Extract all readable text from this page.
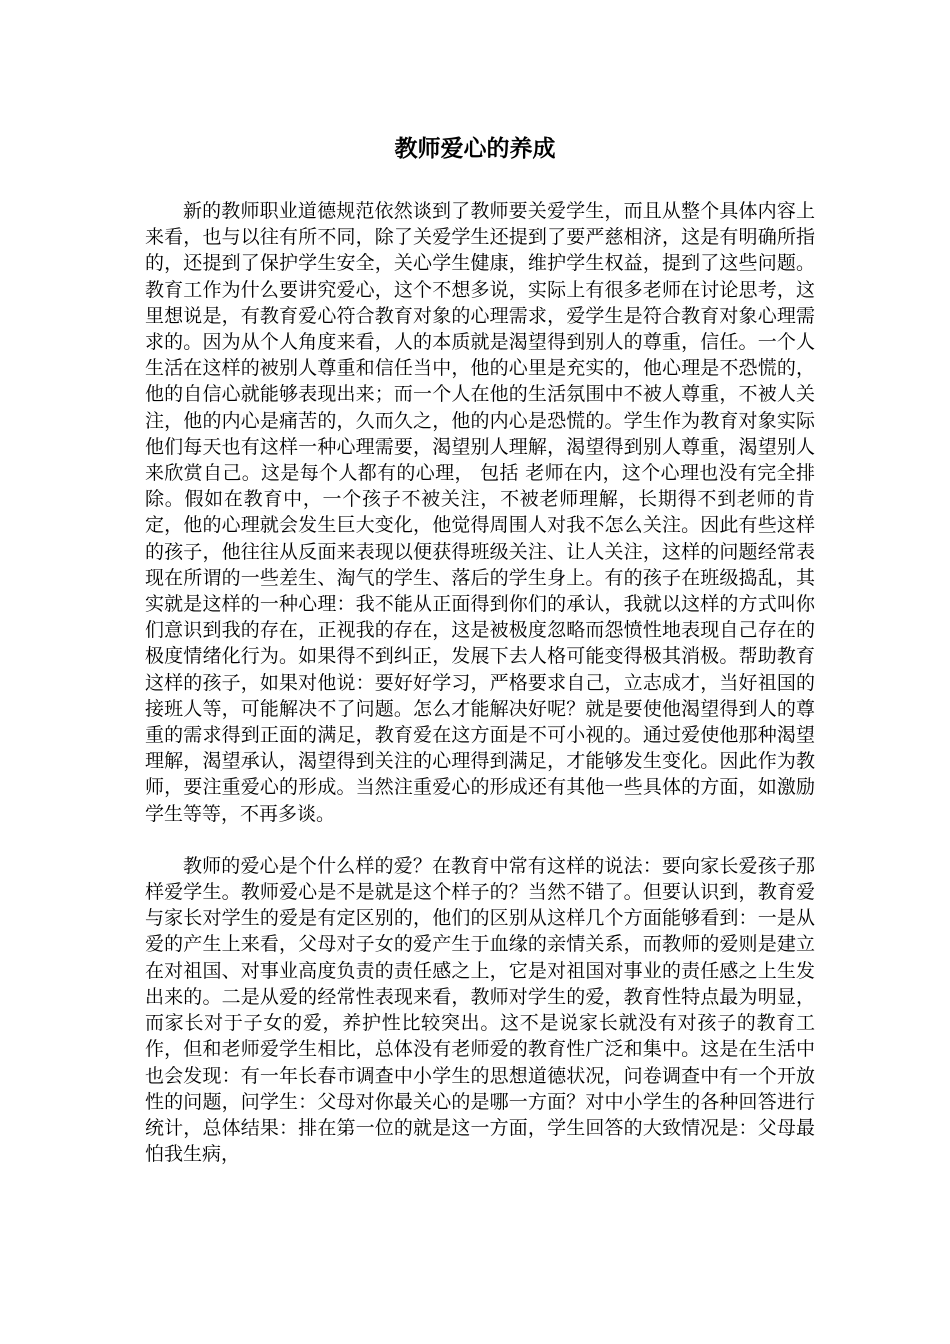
教师爱心的养成

新的教师职业道德规范依然谈到了教师要关爱学生，而且从整个具体内容上来看，也与以往有所不同，除了关爱学生还提到了要严慈相济，这是有明确所指的，还提到了保护学生安全，关心学生健康，维护学生权益，提到了这些问题。教育工作为什么要讲究爱心，这个不想多说，实际上有很多老师在讨论思考，这里想说是，有教育爱心符合教育对象的心理需求，爱学生是符合教育对象心理需求的。因为从个人角度来看，人的本质就是渴望得到别人的尊重，信任。一个人生活在这样的被别人尊重和信任当中，他的心里是充实的，他心理是不恐慌的，他的自信心就能够表现出来；而一个人在他的生活氛围中不被人尊重，不被人关注，他的内心是痛苦的，久而久之，他的内心是恐慌的。学生作为教育对象实际他们每天也有这样一种心理需要，渴望别人理解，渴望得到别人尊重，渴望别人来欣赏自己。这是每个人都有的心理， 包括 老师在内，这个心理也没有完全排除。假如在教育中，一个孩子不被关注，不被老师理解，长期得不到老师的肯定，他的心理就会发生巨大变化，他觉得周围人对我不怎么关注。因此有些这样的孩子，他往往从反面来表现以便获得班级关注、让人关注，这样的问题经常表现在所谓的一些差生、淘气的学生、落后的学生身上。有的孩子在班级捣乱，其实就是这样的一种心理：我不能从正面得到你们的承认，我就以这样的方式叫你们意识到我的存在，正视我的存在，这是被极度忽略而怨愤性地表现自己存在的极度情绪化行为。如果得不到纠正，发展下去人格可能变得极其消极。帮助教育这样的孩子，如果对他说：要好好学习，严格要求自己，立志成才，当好祖国的接班人等，可能解决不了问题。怎么才能解决好呢？就是要使他渴望得到人的尊重的需求得到正面的满足，教育爱在这方面是不可小视的。通过爱使他那种渴望理解，渴望承认，渴望得到关注的心理得到满足，才能够发生变化。因此作为教师，要注重爱心的形成。当然注重爱心的形成还有其他一些具体的方面，如激励学生等等，不再多谈。

教师的爱心是个什么样的爱？在教育中常有这样的说法：要向家长爱孩子那样爱学生。教师爱心是不是就是这个样子的？当然不错了。但要认识到，教育爱与家长对学生的爱是有定区别的，他们的区别从这样几个方面能够看到：一是从爱的产生上来看，父母对子女的爱产生于血缘的亲情关系，而教师的爱则是建立在对祖国、对事业高度负责的责任感之上，它是对祖国对事业的责任感之上生发出来的。二是从爱的经常性表现来看，教师对学生的爱，教育性特点最为明显， 而家长对于子女的爱，养护性比较突出。这不是说家长就没有对孩子的教育工作，但和老师爱学生相比，总体没有老师爱的教育性广泛和集中。这是在生活中也会发现：有一年长春市调查中小学生的思想道德状况，问卷调查中有一个开放性的问题，问学生：父母对你最关心的是哪一方面？对中小学生的各种回答进行统计，总体结果：排在第一位的就是这一方面，学生回答的大致情况是：父母最怕我生病，
